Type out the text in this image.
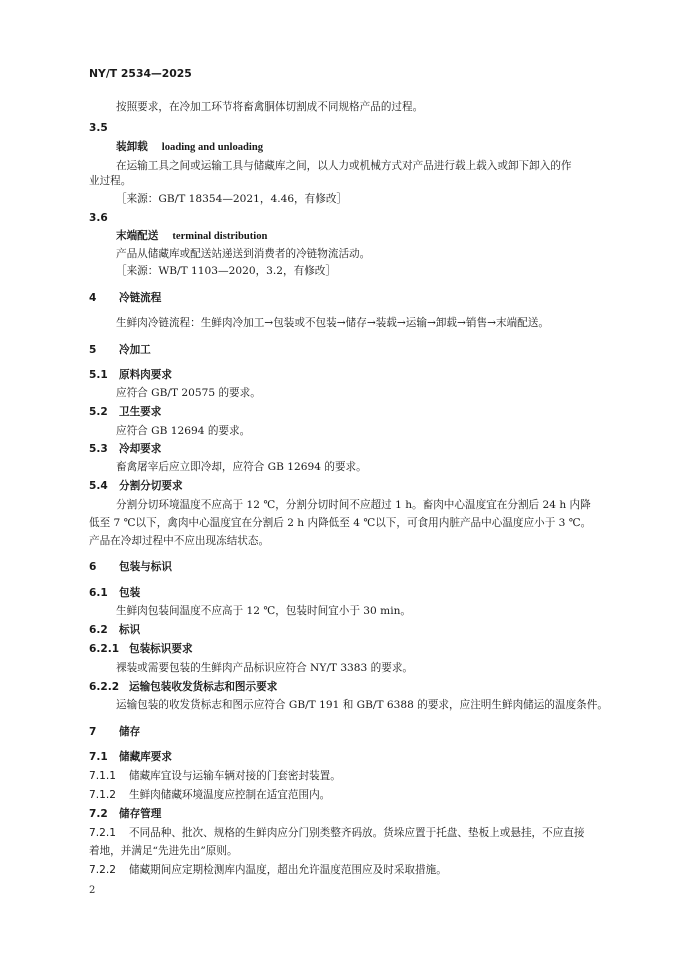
NY/T 2534—2025
按照要求，在冷加工环节将畜禽胴体切割成不同规格产品的过程。
3.5
装卸载 loading and unloading
在运输工具之间或运输工具与储藏库之间，以人力或机械方式对产品进行载上载入或卸下卸入的作
业过程。
［来源：GB/T 18354—2021，4.46，有修改］
3.6
末端配送 terminal distribution
产品从储藏库或配送站递送到消费者的冷链物流活动。
［来源：WB/T 1103—2020，3.2，有修改］
4 冷链流程
生鲜肉冷链流程：生鲜肉冷加工→包装或不包装→储存→装载→运输→卸载→销售→末端配送。
5 冷加工
5.1 原料肉要求
应符合 GB/T 20575 的要求。
5.2 卫生要求
应符合 GB 12694 的要求。
5.3 冷却要求
畜禽屠宰后应立即冷却，应符合 GB 12694 的要求。
5.4 分割分切要求
分割分切环境温度不应高于 12 ℃，分割分切时间不应超过 1 h。畜肉中心温度宜在分割后 24 h 内降
低至 7 ℃以下，禽肉中心温度宜在分割后 2 h 内降低至 4 ℃以下，可食用内脏产品中心温度应小于 3 ℃。
产品在冷却过程中不应出现冻结状态。
6 包装与标识
6.1 包装
生鲜肉包装间温度不应高于 12 ℃，包装时间宜小于 30 min。
6.2 标识
6.2.1 包装标识要求
裸装或需要包装的生鲜肉产品标识应符合 NY/T 3383 的要求。
6.2.2 运输包装收发货标志和图示要求
运输包装的收发货标志和图示应符合 GB/T 191 和 GB/T 6388 的要求，应注明生鲜肉储运的温度条件。
7 储存
7.1 储藏库要求
7.1.1 储藏库宜设与运输车辆对接的门套密封装置。
7.1.2 生鲜肉储藏环境温度应控制在适宜范围内。
7.2 储存管理
7.2.1 不同品种、批次、规格的生鲜肉应分门别类整齐码放。货垛应置于托盘、垫板上或悬挂，不应直接
着地，并满足“先进先出”原则。
7.2.2 储藏期间应定期检测库内温度，超出允许温度范围应及时采取措施。
2
